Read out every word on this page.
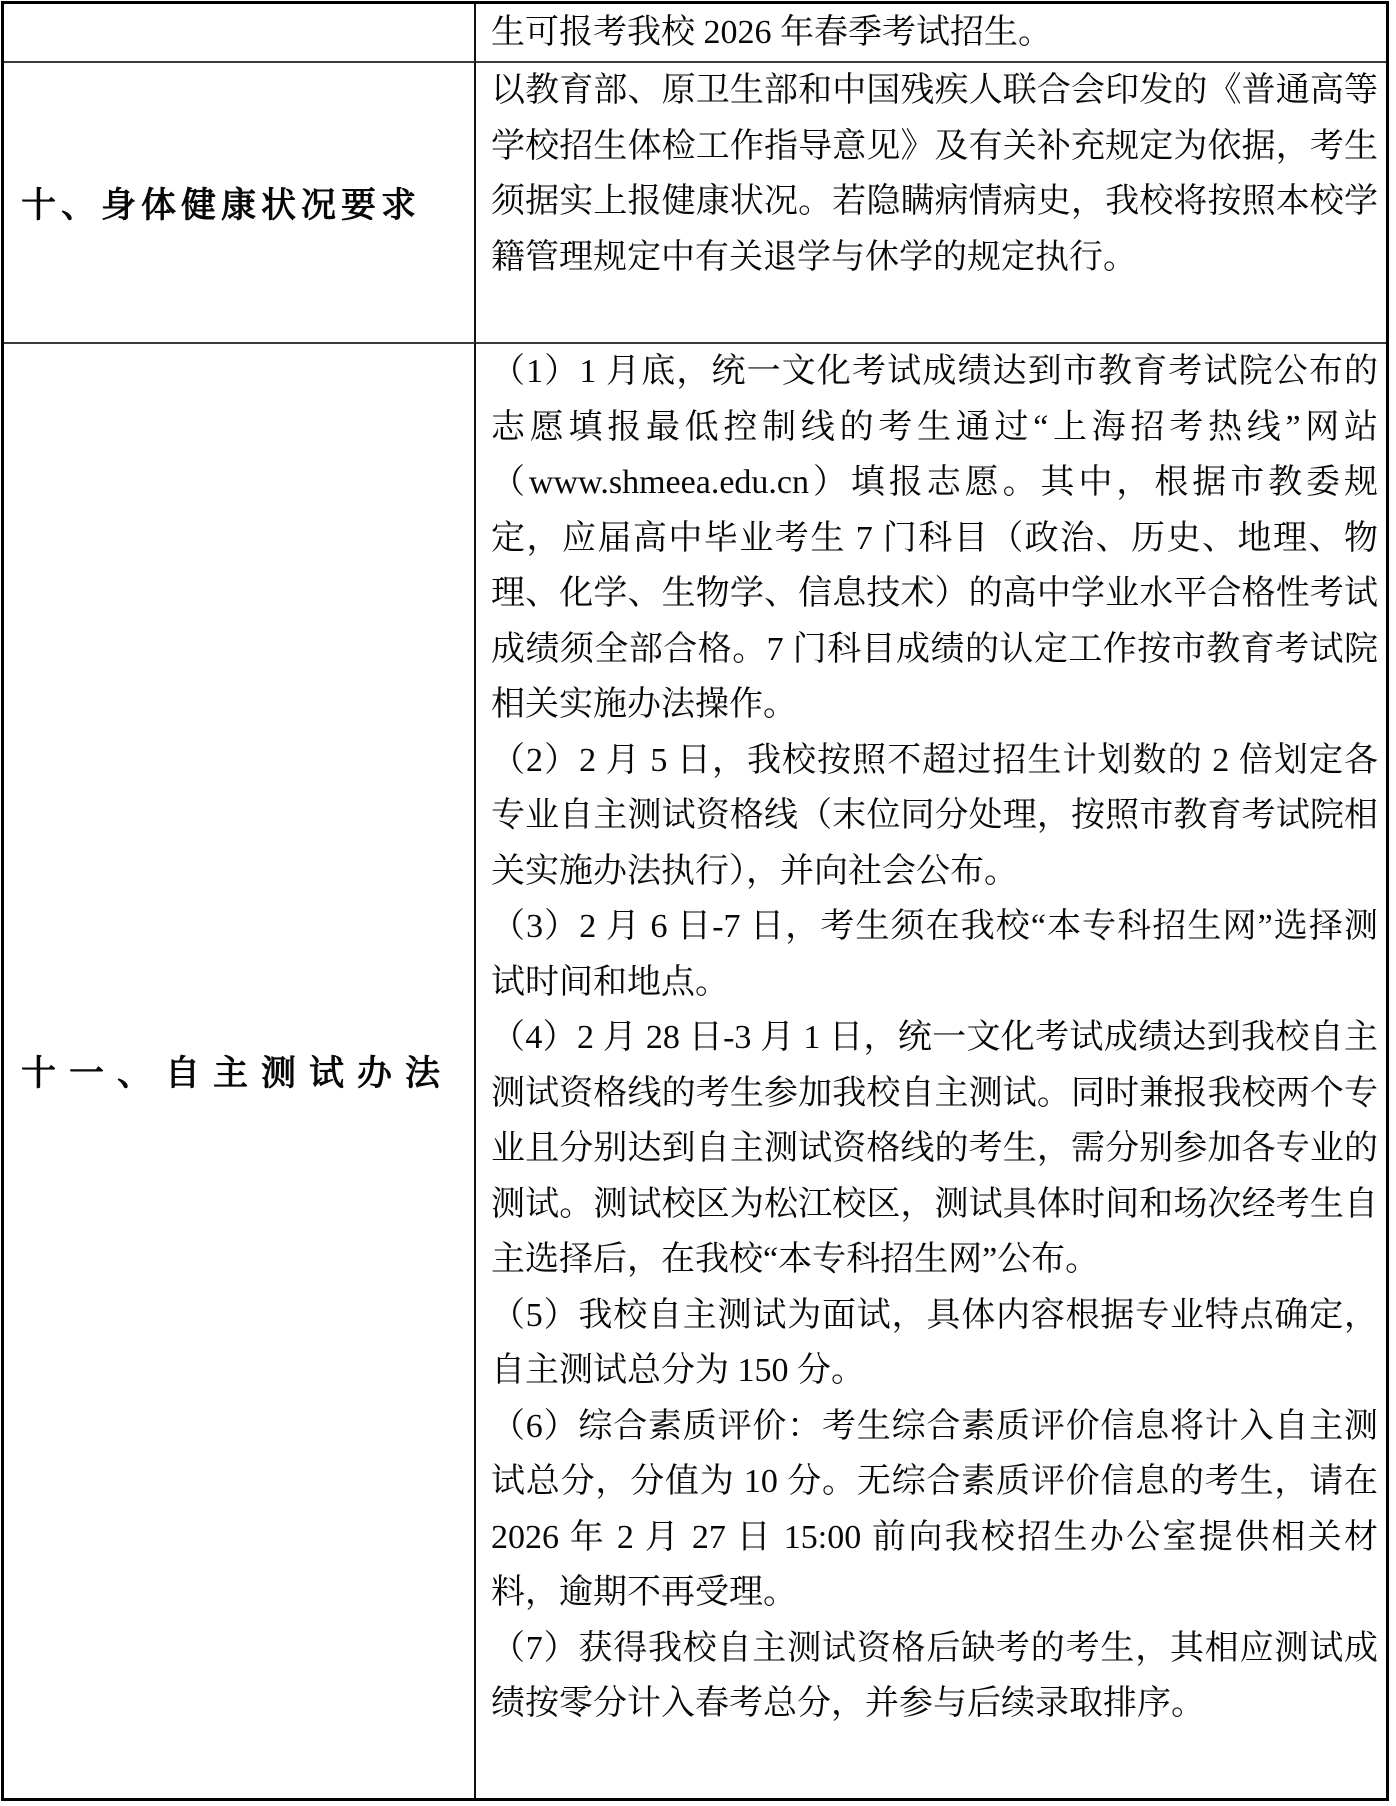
生可报考我校 2026 年春季考试招生。

十、身体健康状况要求

以教育部、原卫生部和中国残疾人联合会印发的《普通高等学校招生体检工作指导意见》及有关补充规定为依据，考生须据实上报健康状况。若隐瞒病情病史，我校将按照本校学籍管理规定中有关退学与休学的规定执行。

十一、自主测试办法

（1）1 月底，统一文化考试成绩达到市教育考试院公布的志愿填报最低控制线的考生通过“上海招考热线”网站（www.shmeea.edu.cn）填报志愿。其中，根据市教委规定，应届高中毕业考生 7 门科目（政治、历史、地理、物理、化学、生物学、信息技术）的高中学业水平合格性考试成绩须全部合格。7 门科目成绩的认定工作按市教育考试院相关实施办法操作。

（2）2 月 5 日，我校按照不超过招生计划数的 2 倍划定各专业自主测试资格线（末位同分处理，按照市教育考试院相关实施办法执行），并向社会公布。

（3）2 月 6 日-7 日，考生须在我校“本专科招生网”选择测试时间和地点。

（4）2 月 28 日-3 月 1 日，统一文化考试成绩达到我校自主测试资格线的考生参加我校自主测试。同时兼报我校两个专业且分别达到自主测试资格线的考生，需分别参加各专业的测试。测试校区为松江校区，测试具体时间和场次经考生自主选择后，在我校“本专科招生网”公布。

（5）我校自主测试为面试，具体内容根据专业特点确定，自主测试总分为 150 分。

（6）综合素质评价：考生综合素质评价信息将计入自主测试总分，分值为 10 分。无综合素质评价信息的考生，请在 2026 年 2 月 27 日 15:00 前向我校招生办公室提供相关材料，逾期不再受理。

（7）获得我校自主测试资格后缺考的考生，其相应测试成绩按零分计入春考总分，并参与后续录取排序。
